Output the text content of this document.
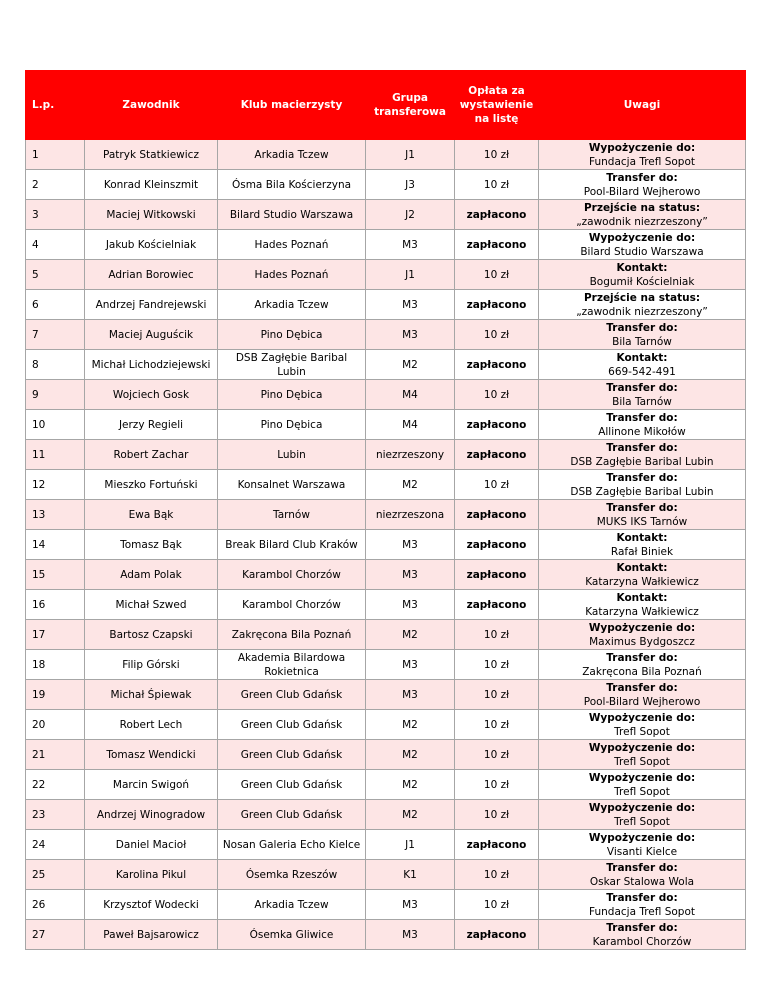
L.p.	Zawodnik	Klub macierzysty	Grupa transferowa	Opłata za wystawienie na listę	Uwagi
1	Patryk Statkiewicz	Arkadia Tczew	J1	10 zł	Wypożyczenie do:
Fundacja Trefl Sopot

2	Konrad Kleinszmit	Ósma Bila Kościerzyna	J3	10 zł	Transfer do:
Pool-Bilard Wejherowo

3	Maciej Witkowski	Bilard Studio Warszawa	J2	zapłacono	Przejście na status:
„zawodnik niezrzeszony”

4	Jakub Kościelniak	Hades Poznań	M3	zapłacono	Wypożyczenie do:
Bilard Studio Warszawa

5	Adrian Borowiec	Hades Poznań	J1	10 zł	Kontakt:
Bogumił Kościelniak

6	Andrzej Fandrejewski	Arkadia Tczew	M3	zapłacono	Przejście na status:
„zawodnik niezrzeszony”

7	Maciej Auguścik	Pino Dębica	M3	10 zł	Transfer do:
Bila Tarnów

8	Michał Lichodziejewski	DSB Zagłębie Baribal Lubin	M2	zapłacono	Kontakt:
669-542-491

9	Wojciech Gosk	Pino Dębica	M4	10 zł	Transfer do:
Bila Tarnów

10	Jerzy Regieli	Pino Dębica	M4	zapłacono	Transfer do:
Allinone Mikołów

11	Robert Zachar	Lubin	niezrzeszony	zapłacono	Transfer do:
DSB Zagłębie Baribal Lubin

12	Mieszko Fortuński	Konsalnet Warszawa	M2	10 zł	Transfer do:
DSB Zagłębie Baribal Lubin

13	Ewa Bąk	Tarnów	niezrzeszona	zapłacono	Transfer do:
MUKS IKS Tarnów

14	Tomasz Bąk	Break Bilard Club Kraków	M3	zapłacono	Kontakt:
Rafał Biniek

15	Adam Polak	Karambol Chorzów	M3	zapłacono	Kontakt:
Katarzyna Wałkiewicz

16	Michał Szwed	Karambol Chorzów	M3	zapłacono	Kontakt:
Katarzyna Wałkiewicz

17	Bartosz Czapski	Zakręcona Bila Poznań	M2	10 zł	Wypożyczenie do:
Maximus Bydgoszcz

18	Filip Górski	Akademia Bilardowa Rokietnica	M3	10 zł	Transfer do:
Zakręcona Bila Poznań

19	Michał Śpiewak	Green Club Gdańsk	M3	10 zł	Transfer do:
Pool-Bilard Wejherowo

20	Robert Lech	Green Club Gdańsk	M2	10 zł	Wypożyczenie do:
Trefl Sopot

21	Tomasz Wendicki	Green Club Gdańsk	M2	10 zł	Wypożyczenie do:
Trefl Sopot

22	Marcin Swigoń	Green Club Gdańsk	M2	10 zł	Wypożyczenie do:
Trefl Sopot

23	Andrzej Winogradow	Green Club Gdańsk	M2	10 zł	Wypożyczenie do:
Trefl Sopot

24	Daniel Macioł	Nosan Galeria Echo Kielce	J1	zapłacono	Wypożyczenie do:
Visanti Kielce

25	Karolina Pikul	Ósemka Rzeszów	K1	10 zł	Transfer do:
Oskar Stalowa Wola

26	Krzysztof Wodecki	Arkadia Tczew	M3	10 zł	Transfer do:
Fundacja Trefl Sopot

27	Paweł Bajsarowicz	Ósemka Gliwice	M3	zapłacono	Transfer do:
Karambol Chorzów
